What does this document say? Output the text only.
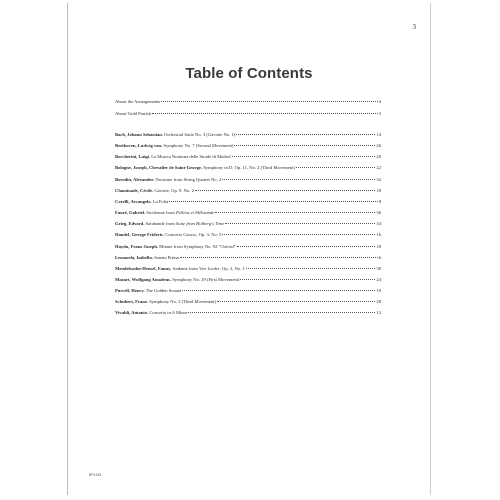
3
Table of Contents
About the Arrangements	4
About Todd Parrish	5
Bach, Johann Sebastian. Orchestral Suite No. 3 (Gavotte No. 1)	14
Beethoven, Ludwig van. Symphony No. 7 (Second Movement)	26
Boccherini, Luigi. La Musica Notturna delle Strade di Madrid	20
Bologne, Joseph, Chevalier de Saint-George. Symphony in D, Op. 11, No. 2 (Third Movement)	22
Borodin, Alexander. Nocturne from String Quartet No. 2	32
Chaminade, Cécile. Gavotte, Op. 9, No. 2	18
Corelli, Arcangelo. La Folia	8
Fauré, Gabriel. Sicilienne from Pelléas et Mélisande	36
Grieg, Edvard. Sarabande from Suite from Holberg's Time	34
Handel, George Frideric. Concerto Grosso, Op. 3, No. 5	16
Haydn, Franz Joseph. Minuet from Symphony No. 92 "Oxford"	18
Leonarda, Isabella. Sonata Prima	6
Mendelssohn-Hensel, Fanny. Andante from Vier Lieder, Op. 2, No. 1	30
Mozart, Wolfgang Amadeus. Symphony No. 29 (First Movement)	24
Purcell, Henry. The Golden Sonata	10
Schubert, Franz. Symphony No. 3 (Third Movement)	28
Vivaldi, Antonio. Concerto in A Minor	12
BP1135
